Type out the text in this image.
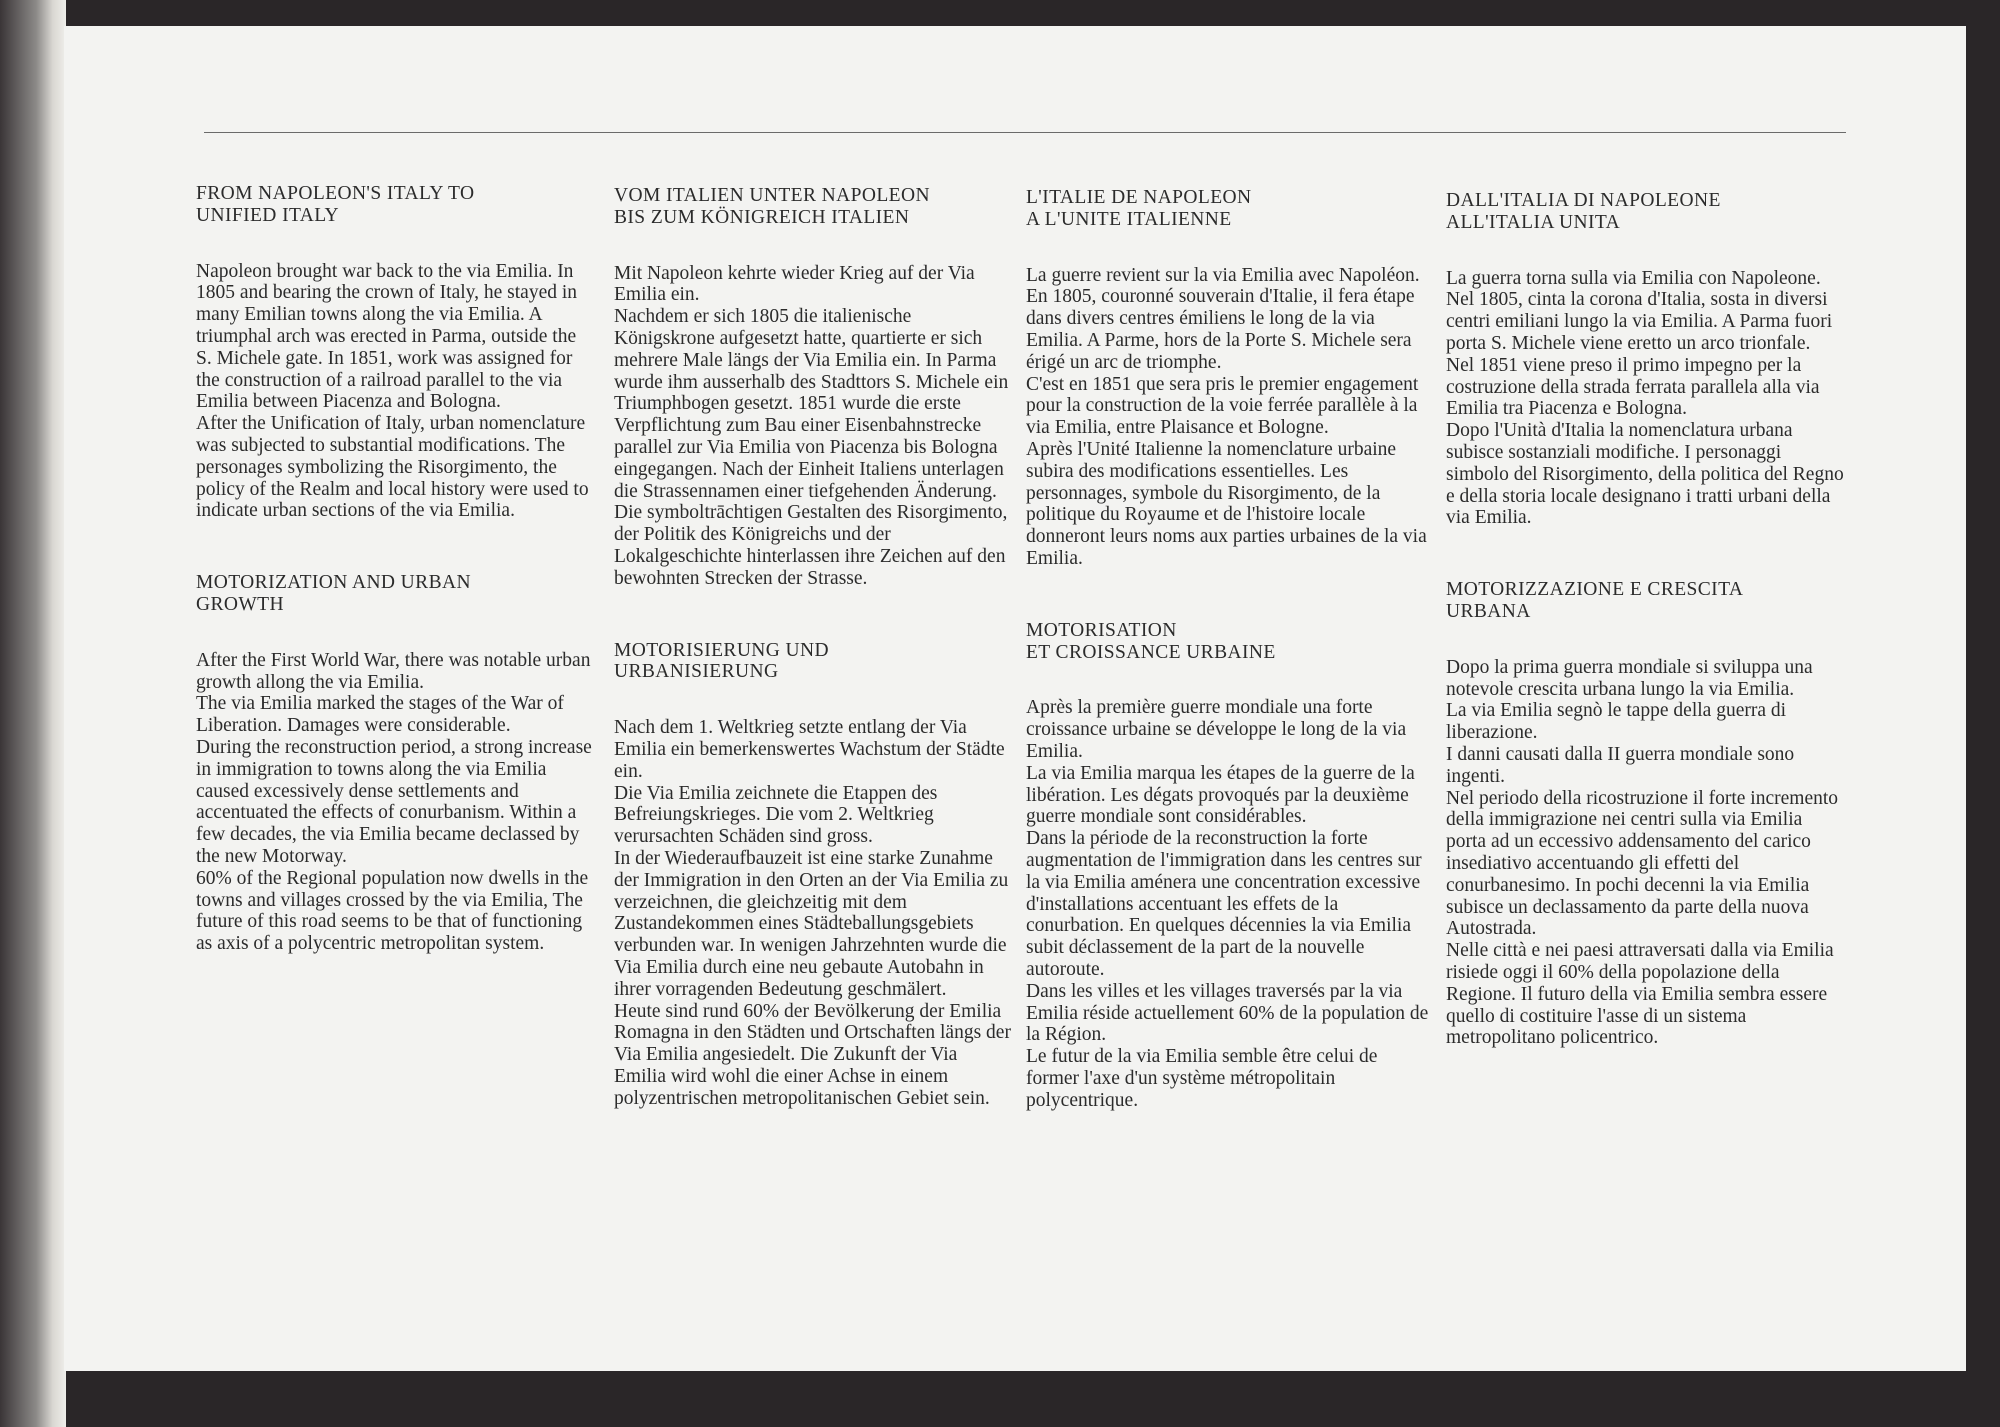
FROM NAPOLEON'S ITALY TO
UNIFIED ITALY

Napoleon brought war back to the via Emilia. In 1805 and bearing the crown of Italy, he stayed in many Emilian towns along the via Emilia. A triumphal arch was erected in Parma, outside the S. Michele gate. In 1851, work was assigned for the construction of a railroad parallel to the via Emilia between Piacenza and Bologna.

After the Unification of Italy, urban nomenclature was subjected to substantial modifications. The personages symbolizing the Risorgimento, the policy of the Realm and local history were used to indicate urban sections of the via Emilia.

MOTORIZATION AND URBAN
GROWTH

After the First World War, there was notable urban growth allong the via Emilia.

The via Emilia marked the stages of the War of Liberation. Damages were considerable.

During the reconstruction period, a strong increase in immigration to towns along the via Emilia caused excessively dense settlements and accentuated the effects of conurbanism. Within a few decades, the via Emilia became declassed by the new Motorway.

60% of the Regional population now dwells in the towns and villages crossed by the via Emilia, The future of this road seems to be that of functioning as axis of a polycentric metropolitan system.

VOM ITALIEN UNTER NAPOLEON
BIS ZUM KÖNIGREICH ITALIEN

Mit Napoleon kehrte wieder Krieg auf der Via Emilia ein.

Nachdem er sich 1805 die italienische Königskrone aufgesetzt hatte, quartierte er sich mehrere Male längs der Via Emilia ein. In Parma wurde ihm ausserhalb des Stadttors S. Michele ein Triumphbogen gesetzt. 1851 wurde die erste Verpflichtung zum Bau einer Eisenbahnstrecke parallel zur Via Emilia von Piacenza bis Bologna eingegangen. Nach der Einheit Italiens unterlagen die Strassennamen einer tiefgehenden Änderung. Die symboltrāchtigen Gestalten des Risorgimento, der Politik des Königreichs und der Lokalgeschichte hinterlassen ihre Zeichen auf den bewohnten Strecken der Strasse.

MOTORISIERUNG UND
URBANISIERUNG

Nach dem 1. Weltkrieg setzte entlang der Via Emilia ein bemerkenswertes Wachstum der Städte ein.

Die Via Emilia zeichnete die Etappen des Befreiungskrieges. Die vom 2. Weltkrieg verursachten Schäden sind gross.

In der Wiederaufbauzeit ist eine starke Zunahme der Immigration in den Orten an der Via Emilia zu verzeichnen, die gleichzeitig mit dem Zustandekommen eines Städteballungsgebiets verbunden war. In wenigen Jahrzehnten wurde die Via Emilia durch eine neu gebaute Autobahn in ihrer vorragenden Bedeutung geschmälert.

Heute sind rund 60% der Bevölkerung der Emilia Romagna in den Städten und Ortschaften längs der Via Emilia angesiedelt. Die Zukunft der Via Emilia wird wohl die einer Achse in einem polyzentrischen metropolitanischen Gebiet sein.

L'ITALIE DE NAPOLEON
A L'UNITE ITALIENNE

La guerre revient sur la via Emilia avec Napoléon. En 1805, couronné souverain d'Italie, il fera étape dans divers centres émiliens le long de la via Emilia. A Parme, hors de la Porte S. Michele sera érigé un arc de triomphe.

C'est en 1851 que sera pris le premier engagement pour la construction de la voie ferrée parallèle à la via Emilia, entre Plaisance et Bologne.

Après l'Unité Italienne la nomenclature urbaine subira des modifications essentielles. Les personnages, symbole du Risorgimento, de la politique du Royaume et de l'histoire locale donneront leurs noms aux parties urbaines de la via Emilia.

MOTORISATION
ET CROISSANCE URBAINE

Après la première guerre mondiale una forte croissance urbaine se développe le long de la via Emilia.

La via Emilia marqua les étapes de la guerre de la libération. Les dégats provoqués par la deuxième guerre mondiale sont considérables.

Dans la période de la reconstruction la forte augmentation de l'immigration dans les centres sur la via Emilia aménera une concentration excessive d'installations accentuant les effets de la conurbation. En quelques décennies la via Emilia subit déclassement de la part de la nouvelle autoroute.

Dans les villes et les villages traversés par la via Emilia réside actuellement 60% de la population de la Région.

Le futur de la via Emilia semble être celui de former l'axe d'un système métropolitain polycentrique.

DALL'ITALIA DI NAPOLEONE
ALL'ITALIA UNITA

La guerra torna sulla via Emilia con Napoleone. Nel 1805, cinta la corona d'Italia, sosta in diversi centri emiliani lungo la via Emilia. A Parma fuori porta S. Michele viene eretto un arco trionfale.

Nel 1851 viene preso il primo impegno per la costruzione della strada ferrata parallela alla via Emilia tra Piacenza e Bologna.

Dopo l'Unità d'Italia la nomenclatura urbana subisce sostanziali modifiche. I personaggi simbolo del Risorgimento, della politica del Regno e della storia locale designano i tratti urbani della via Emilia.

MOTORIZZAZIONE E CRESCITA
URBANA

Dopo la prima guerra mondiale si sviluppa una notevole crescita urbana lungo la via Emilia.

La via Emilia segnò le tappe della guerra di liberazione.

I danni causati dalla II guerra mondiale sono ingenti.

Nel periodo della ricostruzione il forte incremento della immigrazione nei centri sulla via Emilia porta ad un eccessivo addensamento del carico insediativo accentuando gli effetti del conurbanesimo. In pochi decenni la via Emilia subisce un declassamento da parte della nuova Autostrada.

Nelle città e nei paesi attraversati dalla via Emilia risiede oggi il 60% della popolazione della Regione. Il futuro della via Emilia sembra essere quello di costituire l'asse di un sistema metropolitano policentrico.
